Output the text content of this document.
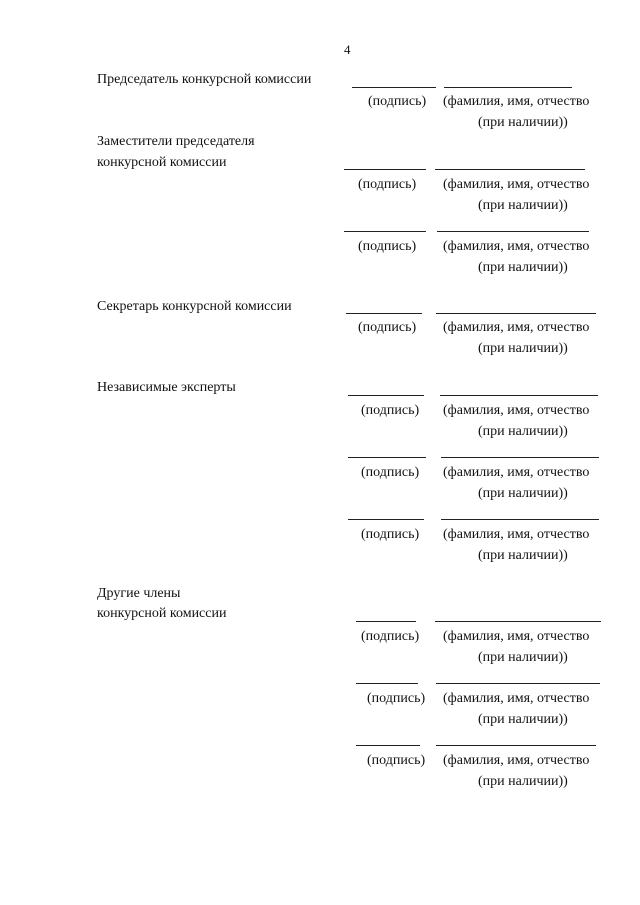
4
Председатель конкурсной комиссии
Заместители председателя
конкурсной комиссии
Секретарь конкурсной комиссии
Независимые эксперты
Другие члены
конкурсной комиссии
(подпись) (фамилия, имя, отчество
(при наличии))
(подпись) (фамилия, имя, отчество
(при наличии))
(подпись) (фамилия, имя, отчество
(при наличии))
(подпись) (фамилия, имя, отчество
(при наличии))
(подпись) (фамилия, имя, отчество
(при наличии))
(подпись) (фамилия, имя, отчество
(при наличии))
(подпись) (фамилия, имя, отчество
(при наличии))
(подпись) (фамилия, имя, отчество
(при наличии))
(подпись) (фамилия, имя, отчество
(при наличии))
(подпись) (фамилия, имя, отчество
(при наличии))
